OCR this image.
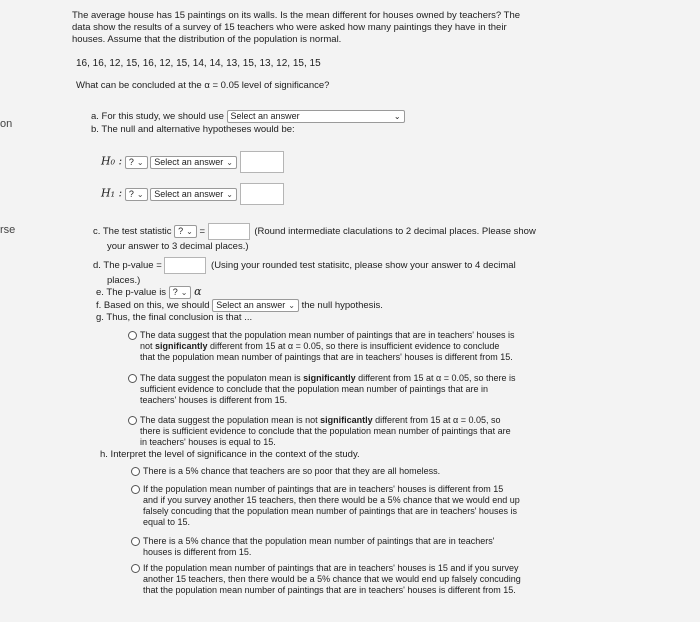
on
rse
The average house has 15 paintings on its walls. Is the mean different for houses owned by teachers? The
data show the results of a survey of 15 teachers who were asked how many paintings they have in their
houses. Assume that the distribution of the population is normal.
16, 16, 12, 15, 16, 12, 15, 14, 14, 13, 15, 13, 12, 15, 15
What can be concluded at the α = 0.05 level of significance?
a. For this study, we should use Select an answer	⌄
b. The null and alternative hypotheses would be:
H₀ : ? ⌄ Select an answer ⌄
H₁ : ? ⌄ Select an answer ⌄
c. The test statistic ? ⌄ =	(Round intermediate claculations to 2 decimal places. Please show
your answer to 3 decimal places.)
d. The p-value =	(Using your rounded test statisitc, please show your answer to 4 decimal
places.)
e. The p-value is ? ⌄ α
f. Based on this, we should Select an answer ⌄ the null hypothesis.
g. Thus, the final conclusion is that ...
The data suggest that the population mean number of paintings that are in teachers' houses is
not significantly different from 15 at α = 0.05, so there is insufficient evidence to conclude
that the population mean number of paintings that are in teachers' houses is different from 15.
The data suggest the populaton mean is significantly different from 15 at α = 0.05, so there is
sufficient evidence to conclude that the population mean number of paintings that are in
teachers' houses is different from 15.
The data suggest the population mean is not significantly different from 15 at α = 0.05, so
there is sufficient evidence to conclude that the population mean number of paintings that are
in teachers' houses is equal to 15.
h. Interpret the level of significance in the context of the study.
There is a 5% chance that teachers are so poor that they are all homeless.
If the population mean number of paintings that are in teachers' houses is different from 15
and if you survey another 15 teachers, then there would be a 5% chance that we would end up
falsely concuding that the population mean number of paintings that are in teachers' houses is
equal to 15.
There is a 5% chance that the population mean number of paintings that are in teachers'
houses is different from 15.
If the population mean number of paintings that are in teachers' houses is 15 and if you survey
another 15 teachers, then there would be a 5% chance that we would end up falsely concuding
that the population mean number of paintings that are in teachers' houses is different from 15.
